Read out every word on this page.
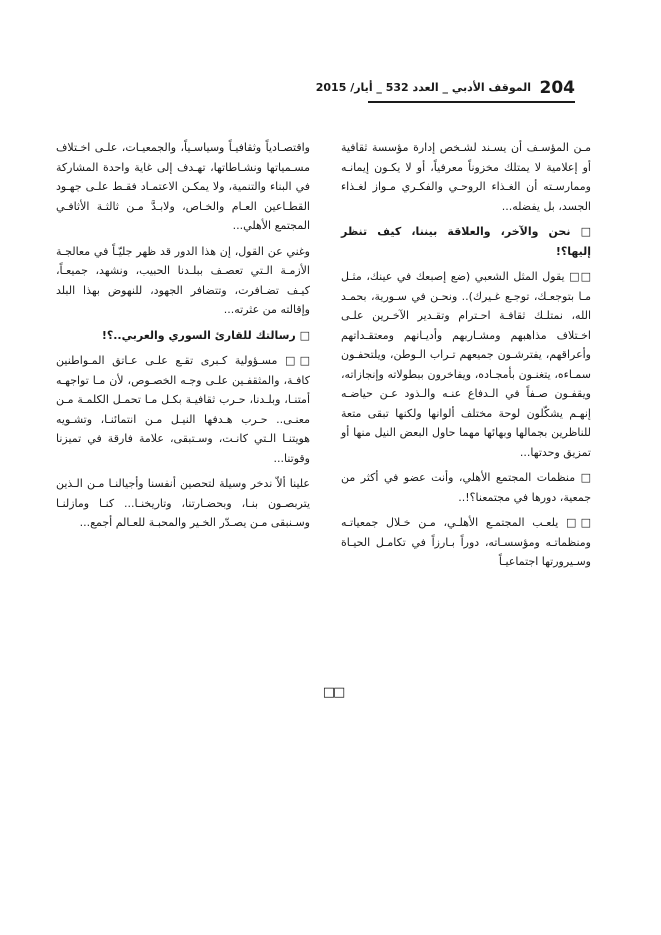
204
الموقف الأدبي _ العدد 532 _ أيار/ 2015

مـن المؤسـف أن يسـند لشـخص إدارة مؤسسة ثقافية أو إعلامية لا يمتلك مخزوناً معرفياً، أو لا يكـون إيمانـه وممارسـته أن الغـذاء الروحـي والفكـري مـواز لغـذاء الجسد، بل يفضله...

□ نحن والآخر، والعلاقة بيننا، كيف تنظر إليها؟!

□□ يقول المثل الشعبي (ضع إصبعك في عينك، مثـل مـا بتوجعـك، توجـع غـيرك).. ونحـن في سـورية، بحمـد الله، نمتلـك ثقافـة احـترام وتقـدير الآخـرين علـى اخـتلاف مذاهبهم ومشـاربهم وأديـانهم ومعتقـداتهم وأعراقهم، يفترشـون جميعهم تـراب الـوطن، ويلتحفـون سمـاءه، يتغنـون بأمجـاده، ويفاخرون ببطولاته وإنجازاته، ويقفـون صـفاً في الـدفاع عنـه والـذود عـن حياضـه إنهـم يشكّلون لوحة مختلف ألوانها ولكنها تبقى متعة للناظرين بجمالها وبهائها مهما حاول البعض النيل منها أو تمزيق وحدتها...

□ منظمات المجتمع الأهلي، وأنت عضو في أكثر من جمعية، دورها في مجتمعنا؟!..

□□ يلعـب المجتمـع الأهلـي، مـن خـلال جمعياتـه ومنظماتـه ومؤسسـاته، دوراً بـارزاً في تكامـل الحيـاة وسـيرورتها اجتماعيـاً

واقتصـادياً وثقافيـاً وسياسـياً، والجمعيـات، علـى اخـتلاف مسـمياتها ونشـاطاتها، تهـدف إلى غاية واحدة المشاركة في البناء والتنمية، ولا يمكـن الاعتمـاد فقـط علـى جهـود القطـاعين العـام والخـاص، ولابـدَّ مـن ثالثـة الأثافـي المجتمع الأهلي...

وغني عن القول، إن هذا الدور قد ظهر جليّـاً في معالجـة الأزمـة الـتي تعصـف ببلـدنا الحبيب، ونشهد، جميعـاً، كيـف تضـافرت، وتتضافر الجهود، للنهوض بهذا البلد وإقالته من عثرته...

□ رسالتك للقارئ السوري والعربي..؟!

□□ مسـؤولية كـبرى تقـع علـى عـاتق المـواطنين كافـة، والمثقفـين علـى وجـه الخصـوص، لأن مـا تواجهـه أمتنـا، وبلـدنا، حـرب ثقافيـة بكـل مـا تحمـل الكلمـة مـن معنـى.. حـرب هـدفها النيـل مـن انتمائنـا، وتشـويه هويتنـا الـتي كانـت، وسـتبقى، علامة فارقة في تميزنا وقوتنا...

علينا ألاّ ندخر وسيلة لتحصين أنفسنا وأجيالنـا مـن الـذين يتربصـون بنـا، وبحضـارتنا، وتاريخنـا... كنـا ومازلنـا وسـنبقى مـن يصـدّر الخـير والمحبـة للعـالم أجمع...

□□
